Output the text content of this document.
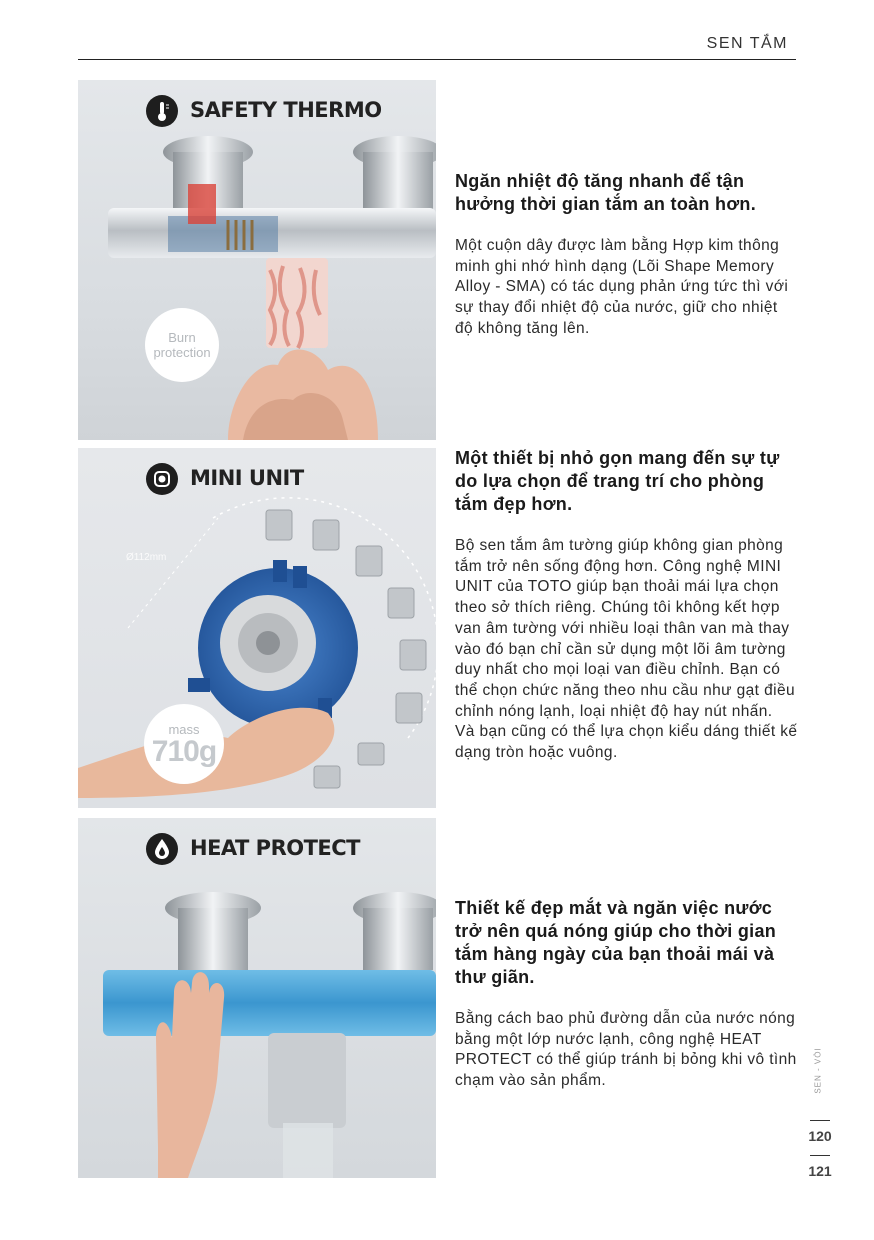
SEN TẮM
SAFETY THERMO
Burn
protection
MINI UNIT
Ø112mm
mass
710g
HEAT PROTECT

Ngăn nhiệt độ tăng nhanh để tận hưởng thời gian tắm an toàn hơn.

Một cuộn dây được làm bằng Hợp kim thông minh ghi nhớ hình dạng (Lõi Shape Memory Alloy - SMA) có tác dụng phản ứng tức thì với sự thay đổi nhiệt độ của nước, giữ cho nhiệt độ không tăng lên.

Một thiết bị nhỏ gọn mang đến sự tự do lựa chọn để trang trí cho phòng tắm đẹp hơn.

Bộ sen tắm âm tường giúp không gian phòng tắm trở nên sống động hơn. Công nghệ MINI UNIT của TOTO giúp bạn thoải mái lựa chọn theo sở thích riêng. Chúng tôi không kết hợp van âm tường với nhiều loại thân van mà thay vào đó bạn chỉ cần sử dụng một lõi âm tường duy nhất cho mọi loại van điều chỉnh. Bạn có thể chọn chức năng theo nhu cầu như gạt điều chỉnh nóng lạnh, loại nhiệt độ hay nút nhấn.

Và bạn cũng có thể lựa chọn kiểu dáng thiết kế dạng tròn hoặc vuông.

Thiết kế đẹp mắt và ngăn việc nước trở nên quá nóng giúp cho thời gian tắm hàng ngày của bạn thoải mái và thư giãn.

Bằng cách bao phủ đường dẫn của nước nóng bằng một lớp nước lạnh, công nghệ HEAT PROTECT có thể giúp tránh bị bỏng khi vô tình chạm vào sản phẩm.	SEN - VÒI
120
121
